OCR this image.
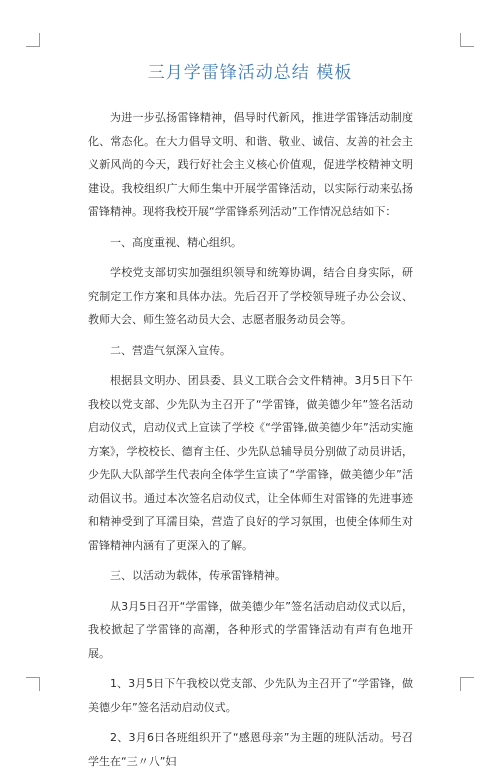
三月学雷锋活动总结 模板

为进一步弘扬雷锋精神，倡导时代新风，推进学雷锋活动制度化、常态化。在大力倡导文明、和谐、敬业、诚信、友善的社会主义新风尚的今天，践行好社会主义核心价值观，促进学校精神文明建设。我校组织广大师生集中开展学雷锋活动，以实际行动来弘扬雷锋精神。现将我校开展“学雷锋系列活动”工作情况总结如下：

一、高度重视、精心组织。

学校党支部切实加强组织领导和统筹协调，结合自身实际，研究制定工作方案和具体办法。先后召开了学校领导班子办公会议、教师大会、师生签名动员大会、志愿者服务动员会等。

二、营造气氛深入宣传。

根据县文明办、团县委、县义工联合会文件精神。3月5日下午我校以党支部、少先队为主召开了“学雷锋，做美德少年”签名活动启动仪式，启动仪式上宣读了学校《“学雷锋,做美德少年”活动实施方案》，学校校长、德育主任、少先队总辅导员分别做了动员讲话，少先队大队部学生代表向全体学生宣读了“学雷锋，做美德少年”活动倡议书。通过本次签名启动仪式，让全体师生对雷锋的先进事迹和精神受到了耳濡目染，营造了良好的学习氛围，也使全体师生对雷锋精神内涵有了更深入的了解。

三、以活动为载体，传承雷锋精神。

从3月5日召开“学雷锋，做美德少年”签名活动启动仪式以后，我校掀起了学雷锋的高潮，各种形式的学雷锋活动有声有色地开展。

1、3月5日下午我校以党支部、少先队为主召开了“学雷锋，做美德少年”签名活动启动仪式。

2、3月6日各班组织开了“感恩母亲”为主题的班队活动。号召学生在“三〃八”妇
